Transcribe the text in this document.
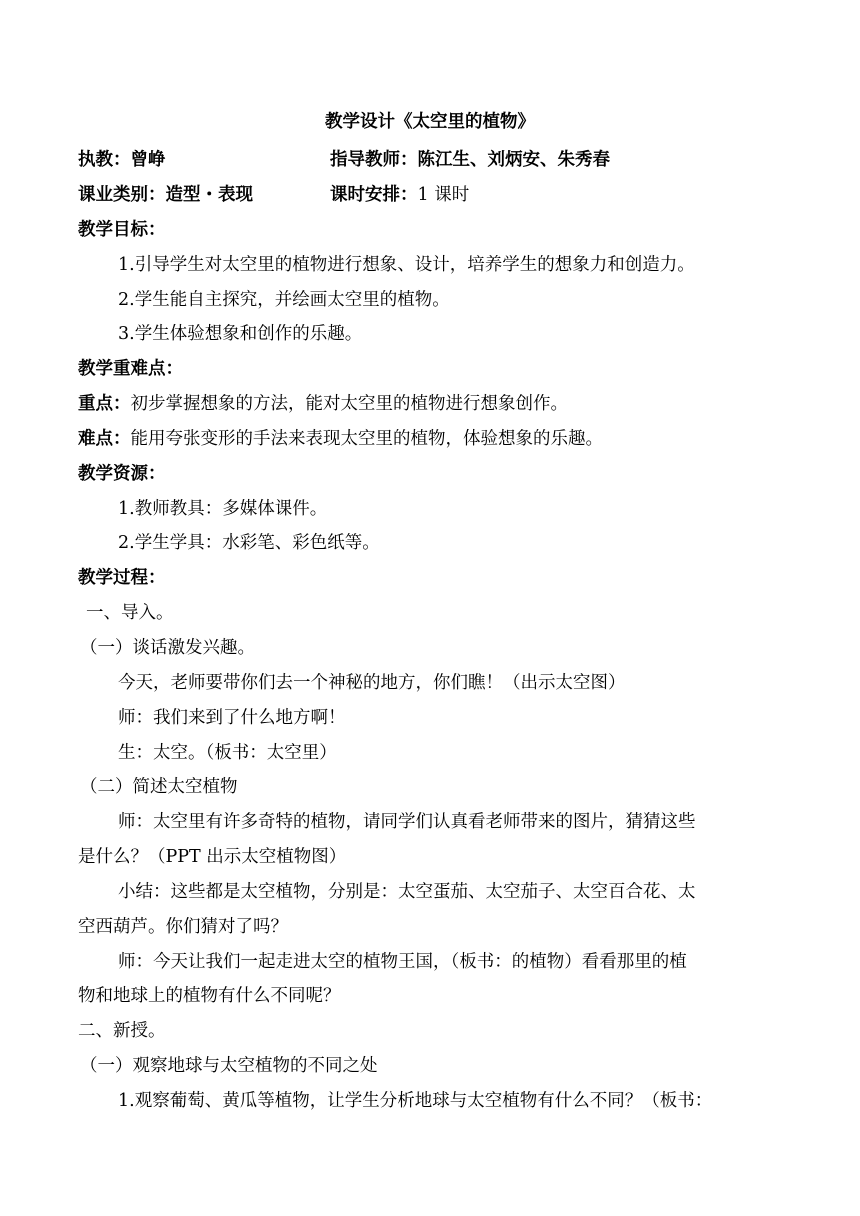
教学设计《太空里的植物》
执教：曾峥	指导教师：陈江生、刘炳安、朱秀春
课业类别：造型・表现	课时安排：1 课时
教学目标：
1.引导学生对太空里的植物进行想象、设计，培养学生的想象力和创造力。
2.学生能自主探究，并绘画太空里的植物。
3.学生体验想象和创作的乐趣。
教学重难点：
重点：初步掌握想象的方法，能对太空里的植物进行想象创作。
难点：能用夸张变形的手法来表现太空里的植物，体验想象的乐趣。
教学资源：
1.教师教具：多媒体课件。
2.学生学具：水彩笔、彩色纸等。
教学过程：
一、导入。
（一）谈话激发兴趣。
今天，老师要带你们去一个神秘的地方，你们瞧！（出示太空图）
师：我们来到了什么地方啊！
生：太空。（板书：太空里）
（二）简述太空植物
师：太空里有许多奇特的植物，请同学们认真看老师带来的图片，猜猜这些
是什么？（PPT 出示太空植物图）
小结：这些都是太空植物，分别是：太空蛋茄、太空茄子、太空百合花、太
空西葫芦。你们猜对了吗？
师：今天让我们一起走进太空的植物王国，（板书：的植物）看看那里的植
物和地球上的植物有什么不同呢？
二、新授。
（一）观察地球与太空植物的不同之处
1.观察葡萄、黄瓜等植物，让学生分析地球与太空植物有什么不同？（板书：
